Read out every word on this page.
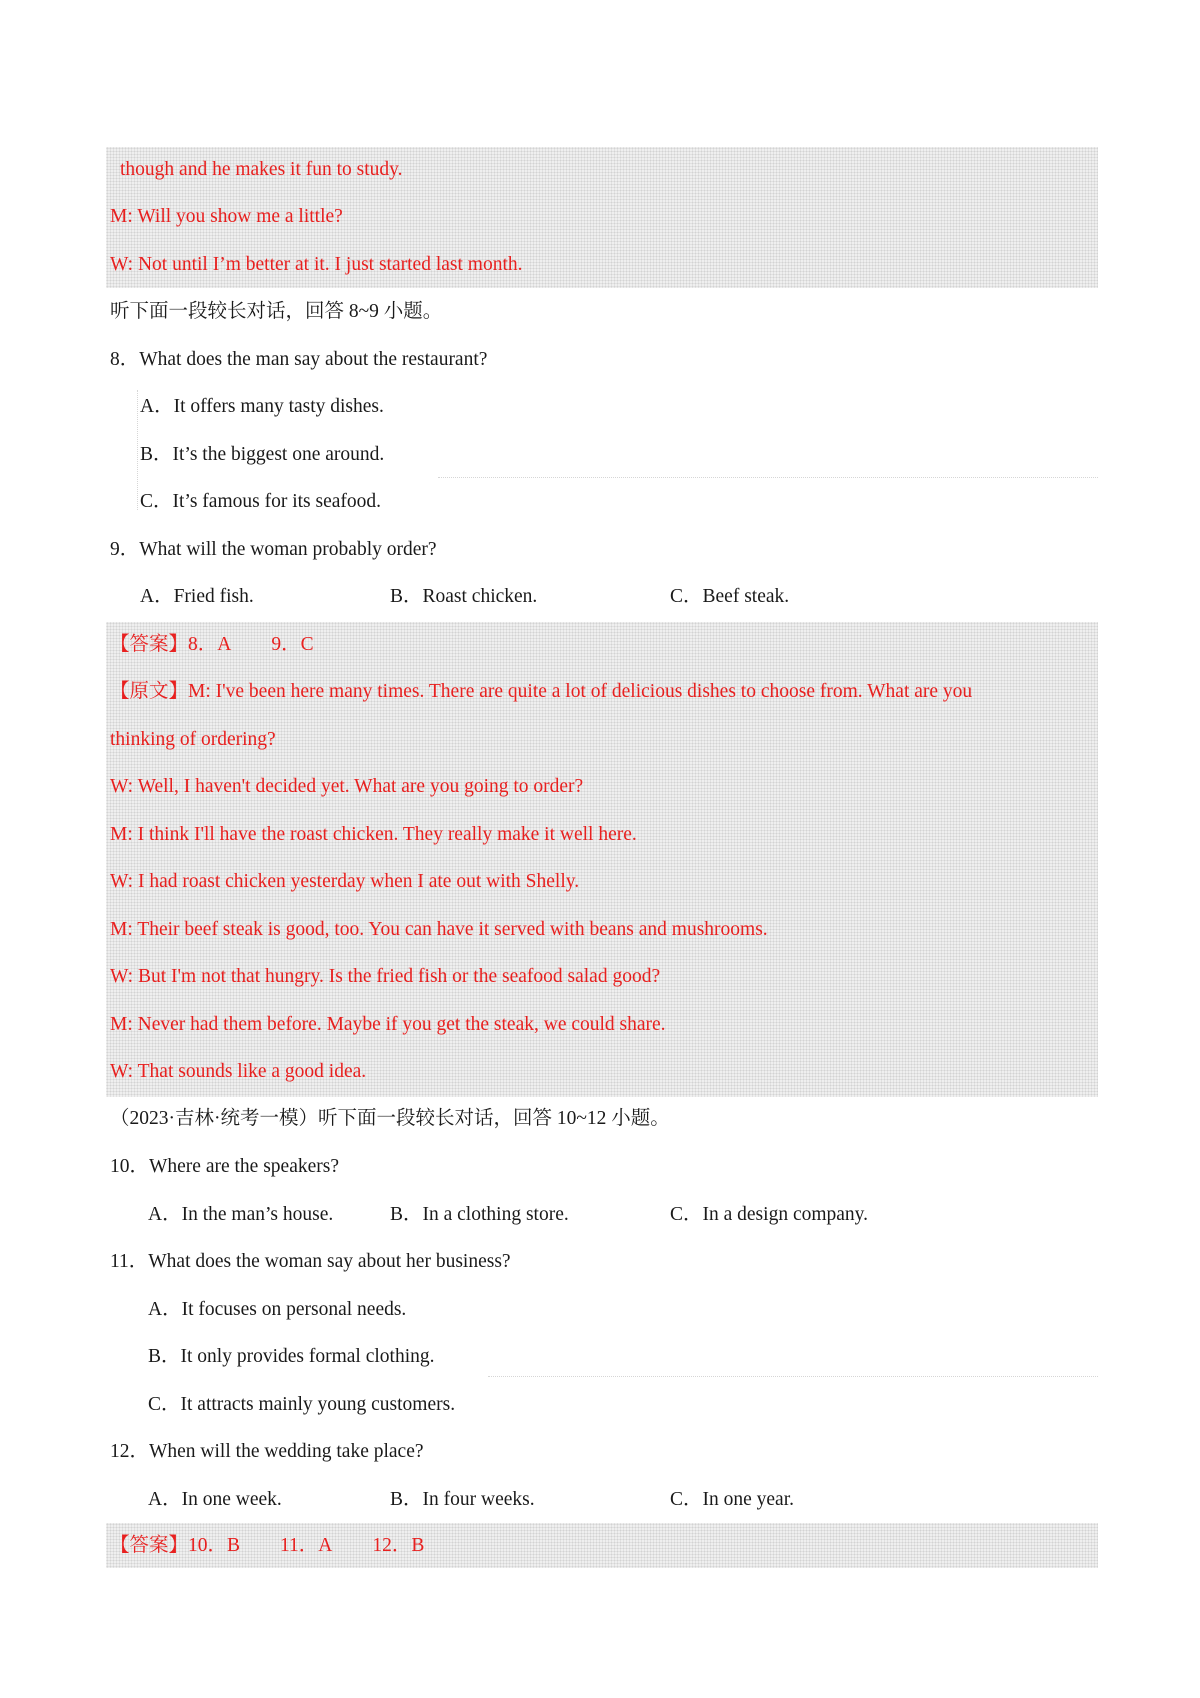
though and he makes it fun to study.
M: Will you show me a little?
W: Not until I’m better at it. I just started last month.
听下面一段较长对话，回答 8~9 小题。
8．What does the man say about the restaurant?
A．It offers many tasty dishes.
B．It’s the biggest one around.
C．It’s famous for its seafood.
9．What will the woman probably order?
A．Fried fish.	B．Roast chicken.	C．Beef steak.
【答案】8．A 9．C
【原文】M: I've been here many times. There are quite a lot of delicious dishes to choose from. What are you
thinking of ordering?
W: Well, I haven't decided yet. What are you going to order?
M: I think I'll have the roast chicken. They really make it well here.
W: I had roast chicken yesterday when I ate out with Shelly.
M: Their beef steak is good, too. You can have it served with beans and mushrooms.
W: But I'm not that hungry. Is the fried fish or the seafood salad good?
M: Never had them before. Maybe if you get the steak, we could share.
W: That sounds like a good idea.
（2023·吉林·统考一模）听下面一段较长对话，回答 10~12 小题。
10．Where are the speakers?
A．In the man’s house.	B．In a clothing store.	C．In a design company.
11．What does the woman say about her business?
A．It focuses on personal needs.
B．It only provides formal clothing.
C．It attracts mainly young customers.
12．When will the wedding take place?
A．In one week.	B．In four weeks.	C．In one year.
【答案】10．B 11．A 12．B
